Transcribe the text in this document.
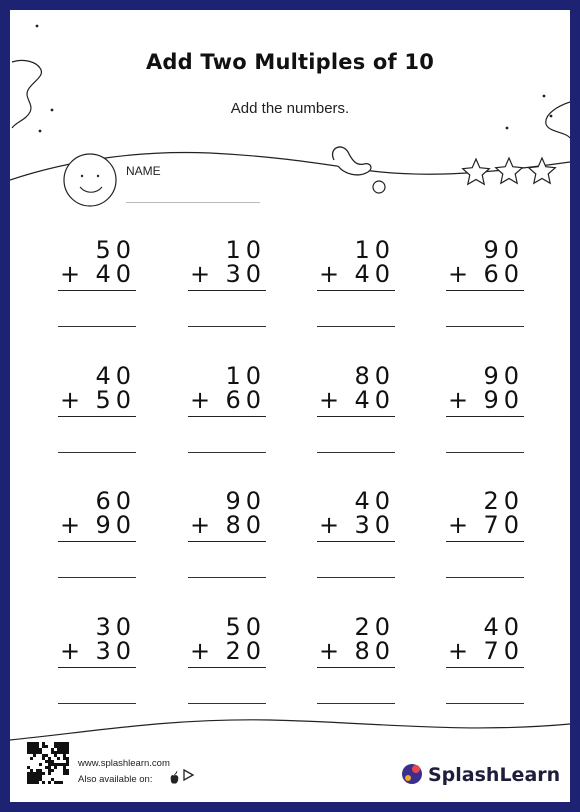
Add Two Multiples of 10
Add the numbers.
NAME
50
+ 40
10
+ 30
10
+ 40
90
+ 60
40
+ 50
10
+ 60
80
+ 40
90
+ 90
60
+ 90
90
+ 80
40
+ 30
20
+ 70
30
+ 30
50
+ 20
20
+ 80
40
+ 70
www.splashlearn.com
Also available on:	SplashLearn
